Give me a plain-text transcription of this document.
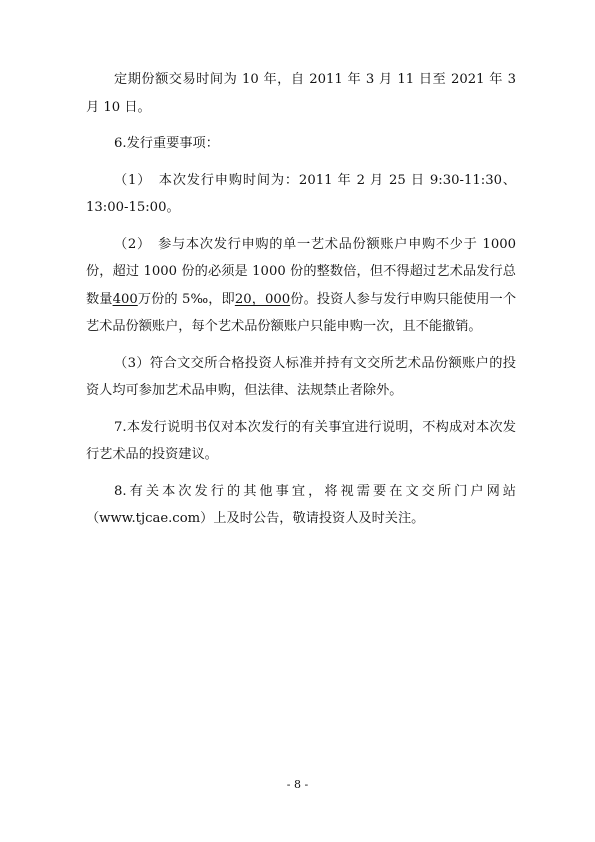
定期份额交易时间为 10 年，自 2011 年 3 月 11 日至 2021 年 3 月 10 日。

6.发行重要事项：

（1）　本次发行申购时间为：2011 年 2 月 25 日 9:30-11:30、13:00-15:00。

（2）　参与本次发行申购的单一艺术品份额账户申购不少于 1000 份，超过 1000 份的必须是 1000 份的整数倍，但不得超过艺术品发行总数量400万份的 5‰，即20，000份。投资人参与发行申购只能使用一个艺术品份额账户，每个艺术品份额账户只能申购一次，且不能撤销。

（3）符合文交所合格投资人标准并持有文交所艺术品份额账户的投资人均可参加艺术品申购，但法律、法规禁止者除外。

7.本发行说明书仅对本次发行的有关事宜进行说明，不构成对本次发行艺术品的投资建议。

8.有关本次发行的其他事宜，将视需要在文交所门户网站（www.tjcae.com）上及时公告，敬请投资人及时关注。

- 8 -
